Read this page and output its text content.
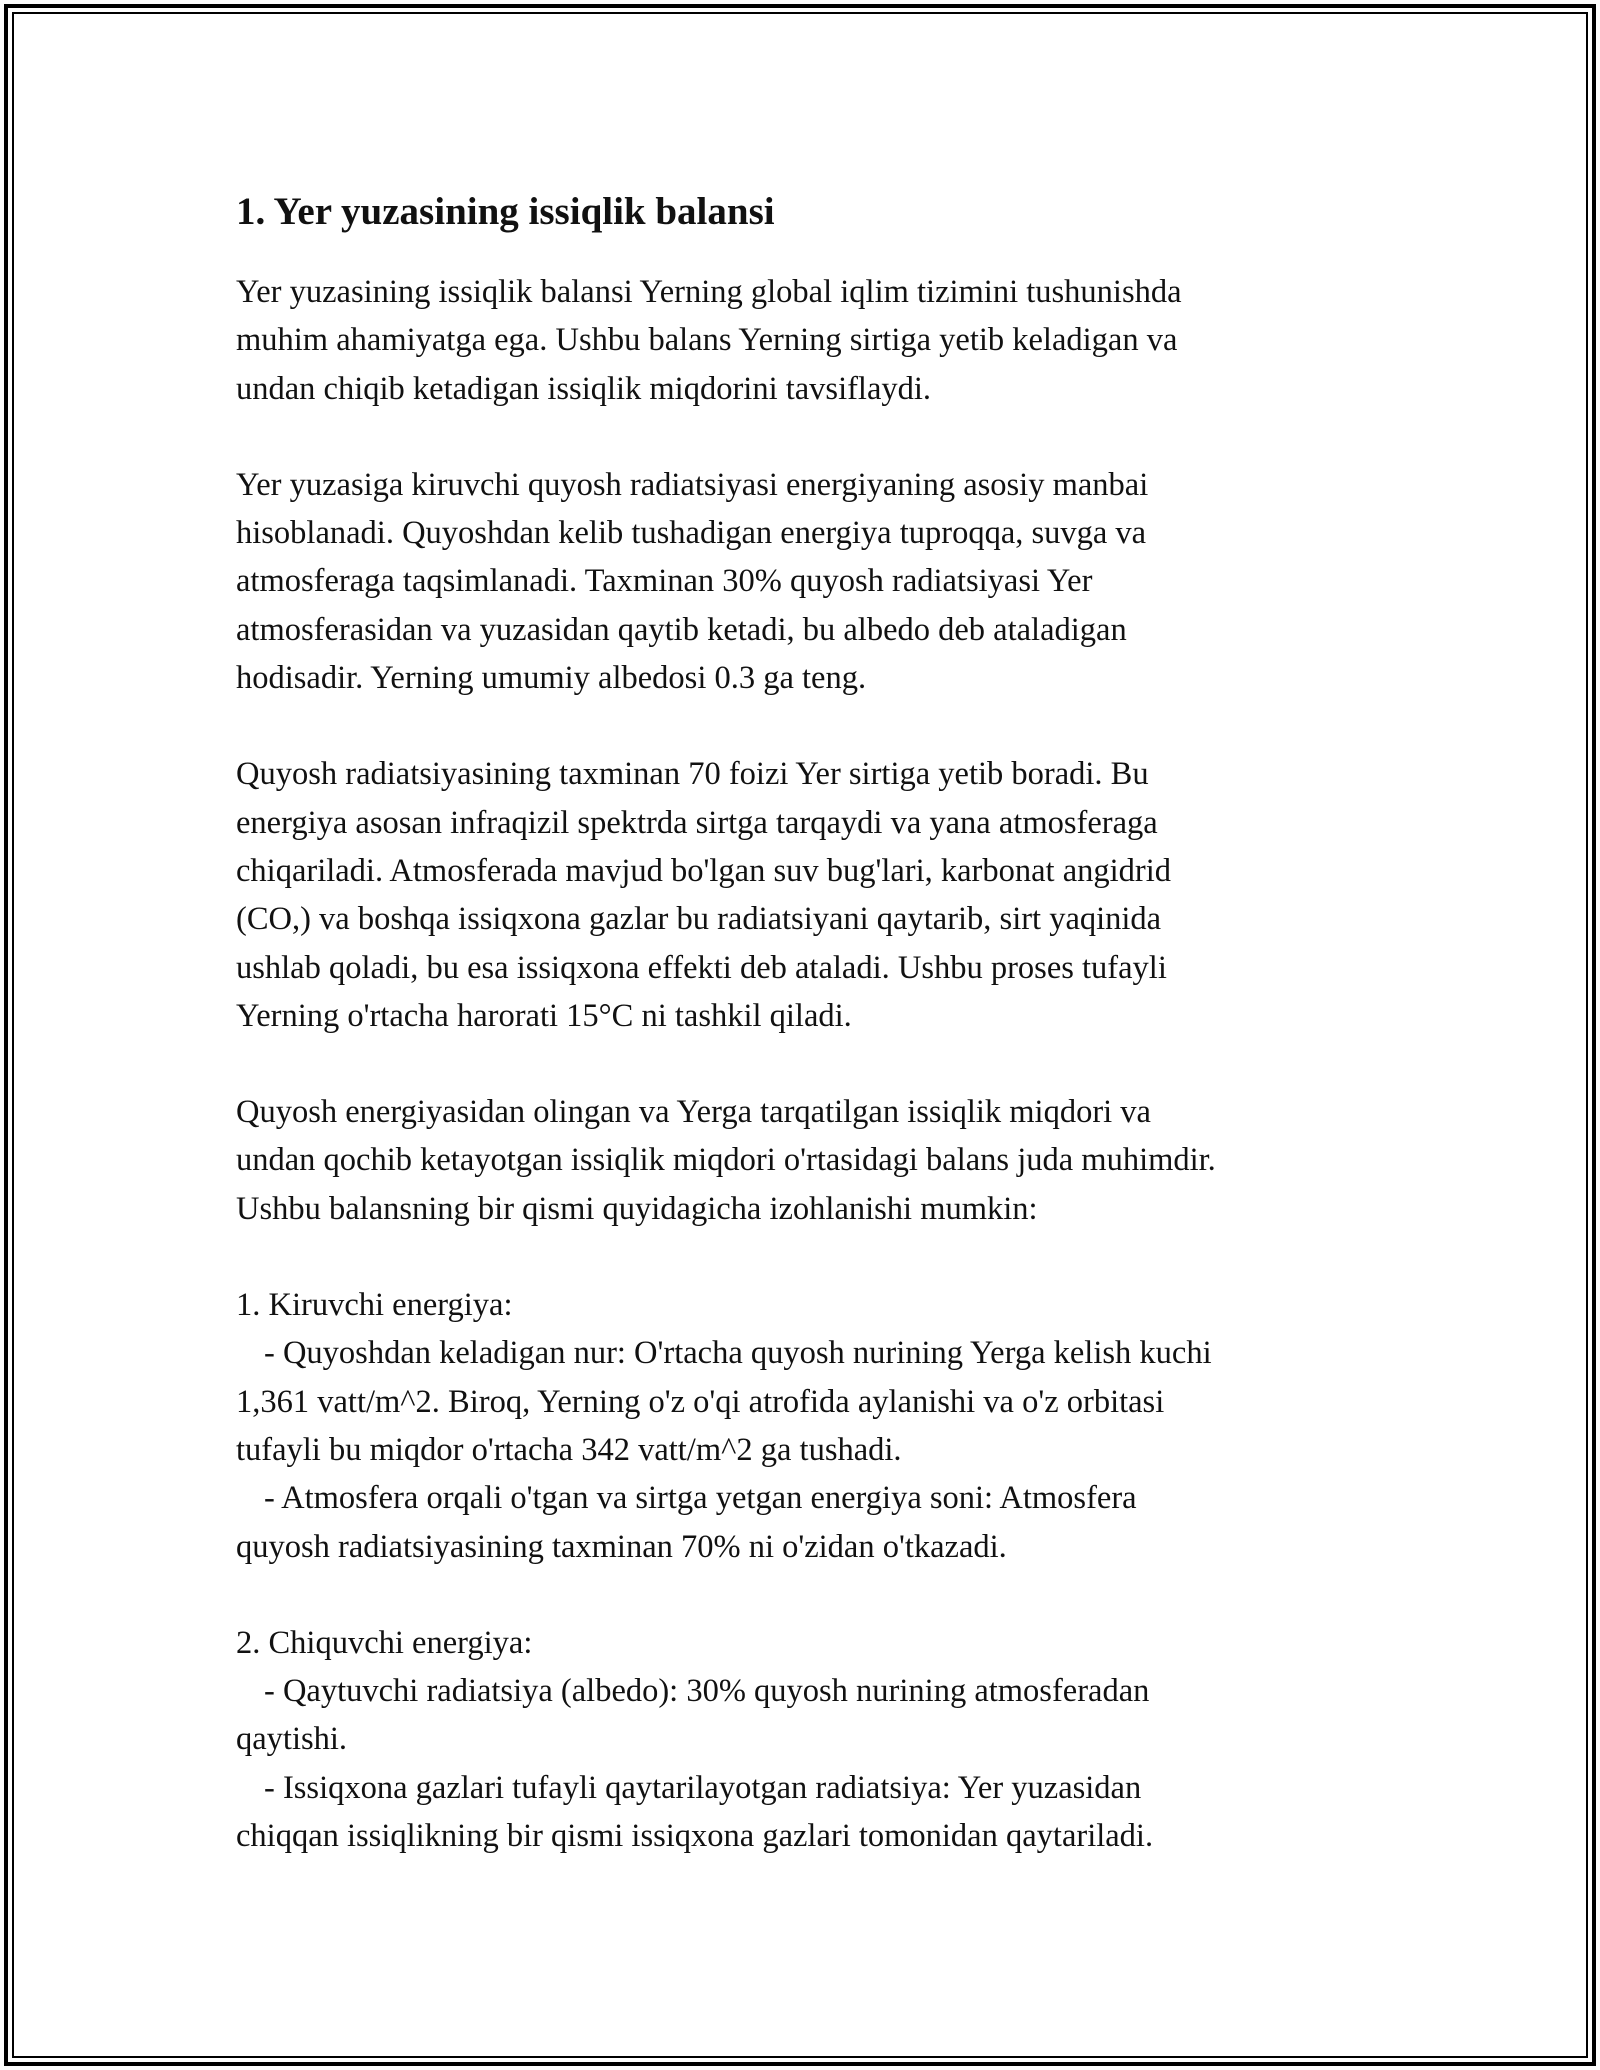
1. Yer yuzasining issiqlik balansi

Yer yuzasining issiqlik balansi Yerning global iqlim tizimini tushunishda
muhim ahamiyatga ega. Ushbu balans Yerning sirtiga yetib keladigan va
undan chiqib ketadigan issiqlik miqdorini tavsiflaydi.

Yer yuzasiga kiruvchi quyosh radiatsiyasi energiyaning asosiy manbai
hisoblanadi. Quyoshdan kelib tushadigan energiya tuproqqa, suvga va
atmosferaga taqsimlanadi. Taxminan 30% quyosh radiatsiyasi Yer
atmosferasidan va yuzasidan qaytib ketadi, bu albedo deb ataladigan
hodisadir. Yerning umumiy albedosi 0.3 ga teng.

Quyosh radiatsiyasining taxminan 70 foizi Yer sirtiga yetib boradi. Bu
energiya asosan infraqizil spektrda sirtga tarqaydi va yana atmosferaga
chiqariladi. Atmosferada mavjud bo'lgan suv bug'lari, karbonat angidrid
(CO,) va boshqa issiqxona gazlar bu radiatsiyani qaytarib, sirt yaqinida
ushlab qoladi, bu esa issiqxona effekti deb ataladi. Ushbu proses tufayli
Yerning o'rtacha harorati 15°C ni tashkil qiladi.

Quyosh energiyasidan olingan va Yerga tarqatilgan issiqlik miqdori va
undan qochib ketayotgan issiqlik miqdori o'rtasidagi balans juda muhimdir.
Ushbu balansning bir qismi quyidagicha izohlanishi mumkin:

1. Kiruvchi energiya:

- Quyoshdan keladigan nur: O'rtacha quyosh nurining Yerga kelish kuchi
1,361 vatt/m^2. Biroq, Yerning o'z o'qi atrofida aylanishi va o'z orbitasi
tufayli bu miqdor o'rtacha 342 vatt/m^2 ga tushadi.

- Atmosfera orqali o'tgan va sirtga yetgan energiya soni: Atmosfera
quyosh radiatsiyasining taxminan 70% ni o'zidan o'tkazadi.

2. Chiquvchi energiya:

- Qaytuvchi radiatsiya (albedo): 30% quyosh nurining atmosferadan
qaytishi.

- Issiqxona gazlari tufayli qaytarilayotgan radiatsiya: Yer yuzasidan
chiqqan issiqlikning bir qismi issiqxona gazlari tomonidan qaytariladi.
